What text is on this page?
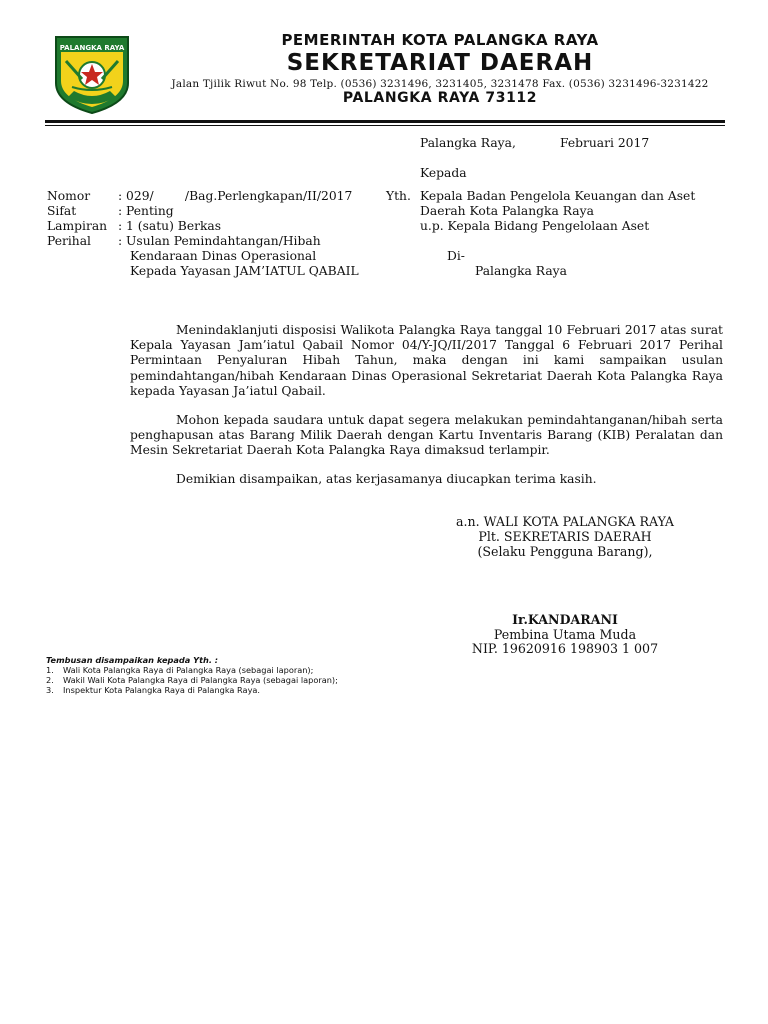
PALANGKA RAYA	PEMERINTAH KOTA PALANGKA RAYA
SEKRETARIAT DAERAH
Jalan Tjilik Riwut No. 98 Telp. (0536) 3231496, 3231405, 3231478 Fax. (0536) 3231496-3231422
PALANGKA RAYA 73112
Palangka Raya,	Februari 2017
Kepada
Yth. Kepala Badan Pengelola Keuangan dan Aset
Daerah Kota Palangka Raya
u.p. Kepala Bidang Pengelolaan Aset
Di-
Palangka Raya
Nomor : 029/        /Bag.Perlengkapan/II/2017
Sifat	: Penting
Lampiran : 1 (satu) Berkas
Perihal : Usulan Pemindahtangan/Hibah
Kendaraan Dinas Operasional
Kepada Yayasan JAM’IATUL QABAIL
Menindaklanjuti disposisi Walikota Palangka Raya tanggal 10 Februari 2017 atas surat Kepala Yayasan Jam’iatul Qabail Nomor 04/Y-JQ/II/2017 Tanggal 6 Februari 2017 Perihal Permintaan Penyaluran Hibah Tahun, maka dengan ini kami sampaikan usulan pemindahtangan/hibah Kendaraan Dinas Operasional Sekretariat Daerah Kota Palangka Raya kepada Yayasan Ja’iatul Qabail.
Mohon kepada saudara untuk dapat segera melakukan pemindahtanganan/hibah serta penghapusan atas Barang Milik Daerah dengan Kartu Inventaris Barang (KIB) Peralatan dan Mesin Sekretariat Daerah Kota Palangka Raya dimaksud terlampir.
Demikian disampaikan, atas kerjasamanya diucapkan terima kasih.
a.n. WALI KOTA PALANGKA RAYA
Plt. SEKRETARIS DAERAH
(Selaku Pengguna Barang),
Ir.KANDARANI
Pembina Utama Muda
NIP. 19620916 198903 1 007
Tembusan disampaikan kepada Yth. :
1. Wali Kota Palangka Raya di Palangka Raya (sebagai laporan);
2. Wakil Wali Kota Palangka Raya di Palangka Raya (sebagai laporan);
3. Inspektur Kota Palangka Raya di Palangka Raya.
